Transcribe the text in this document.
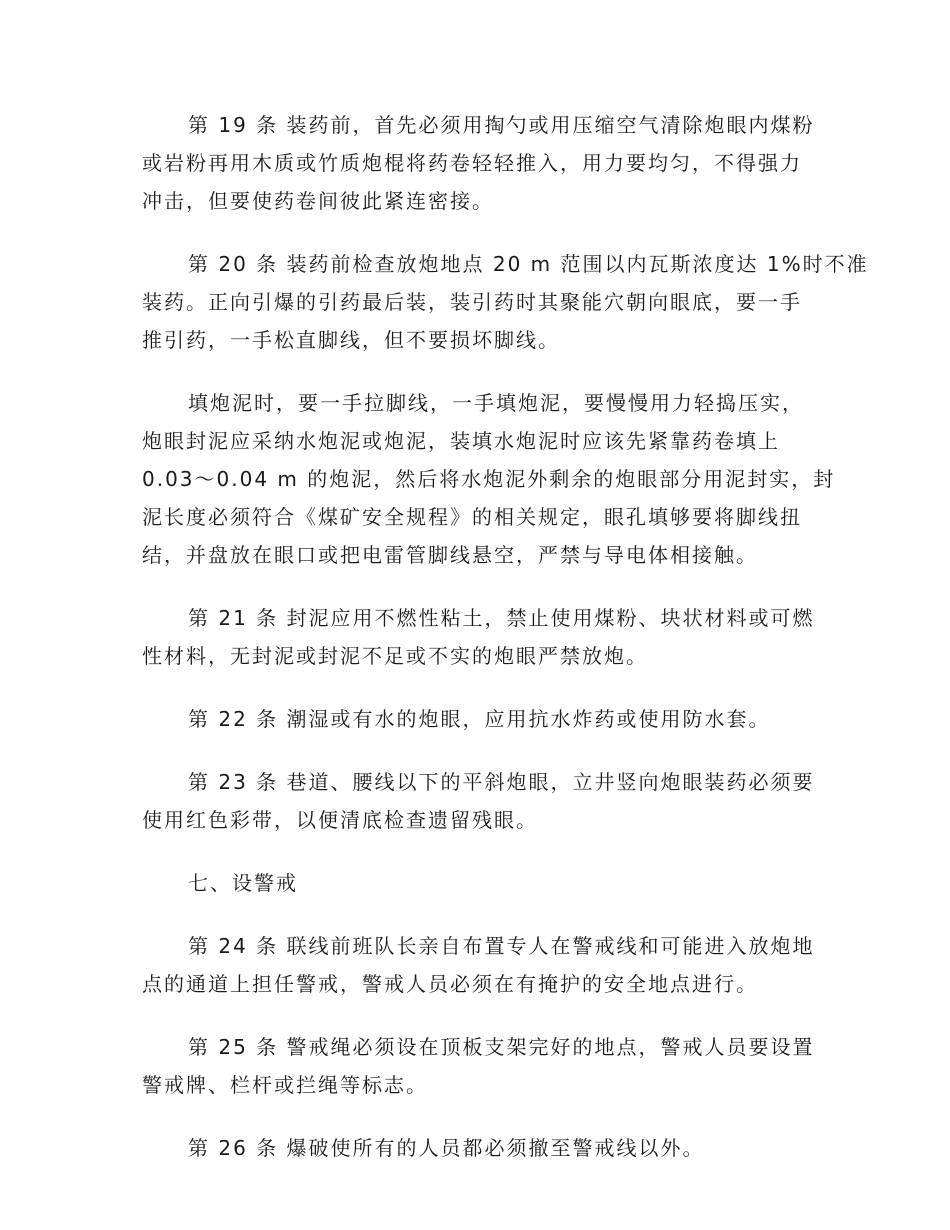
第 19 条 装药前，首先必须用掏勺或用压缩空气清除炮眼内煤粉
或岩粉再用木质或竹质炮棍将药卷轻轻推入，用力要均匀，不得强力
冲击，但要使药卷间彼此紧连密接。
第 20 条 装药前检查放炮地点 20 m 范围以内瓦斯浓度达 1%时不准
装药。正向引爆的引药最后装，装引药时其聚能穴朝向眼底，要一手
推引药，一手松直脚线，但不要损坏脚线。
填炮泥时，要一手拉脚线，一手填炮泥，要慢慢用力轻捣压实，
炮眼封泥应采纳水炮泥或炮泥，装填水炮泥时应该先紧靠药卷填上
0.03～0.04 m 的炮泥，然后将水炮泥外剩余的炮眼部分用泥封实，封
泥长度必须符合《煤矿安全规程》的相关规定，眼孔填够要将脚线扭
结，并盘放在眼口或把电雷管脚线悬空，严禁与导电体相接触。
第 21 条 封泥应用不燃性粘土，禁止使用煤粉、块状材料或可燃
性材料，无封泥或封泥不足或不实的炮眼严禁放炮。
第 22 条 潮湿或有水的炮眼，应用抗水炸药或使用防水套。
第 23 条 巷道、腰线以下的平斜炮眼，立井竖向炮眼装药必须要
使用红色彩带，以便清底检查遗留残眼。
七、设警戒
第 24 条 联线前班队长亲自布置专人在警戒线和可能进入放炮地
点的通道上担任警戒，警戒人员必须在有掩护的安全地点进行。
第 25 条 警戒绳必须设在顶板支架完好的地点，警戒人员要设置
警戒牌、栏杆或拦绳等标志。
第 26 条 爆破使所有的人员都必须撤至警戒线以外。
